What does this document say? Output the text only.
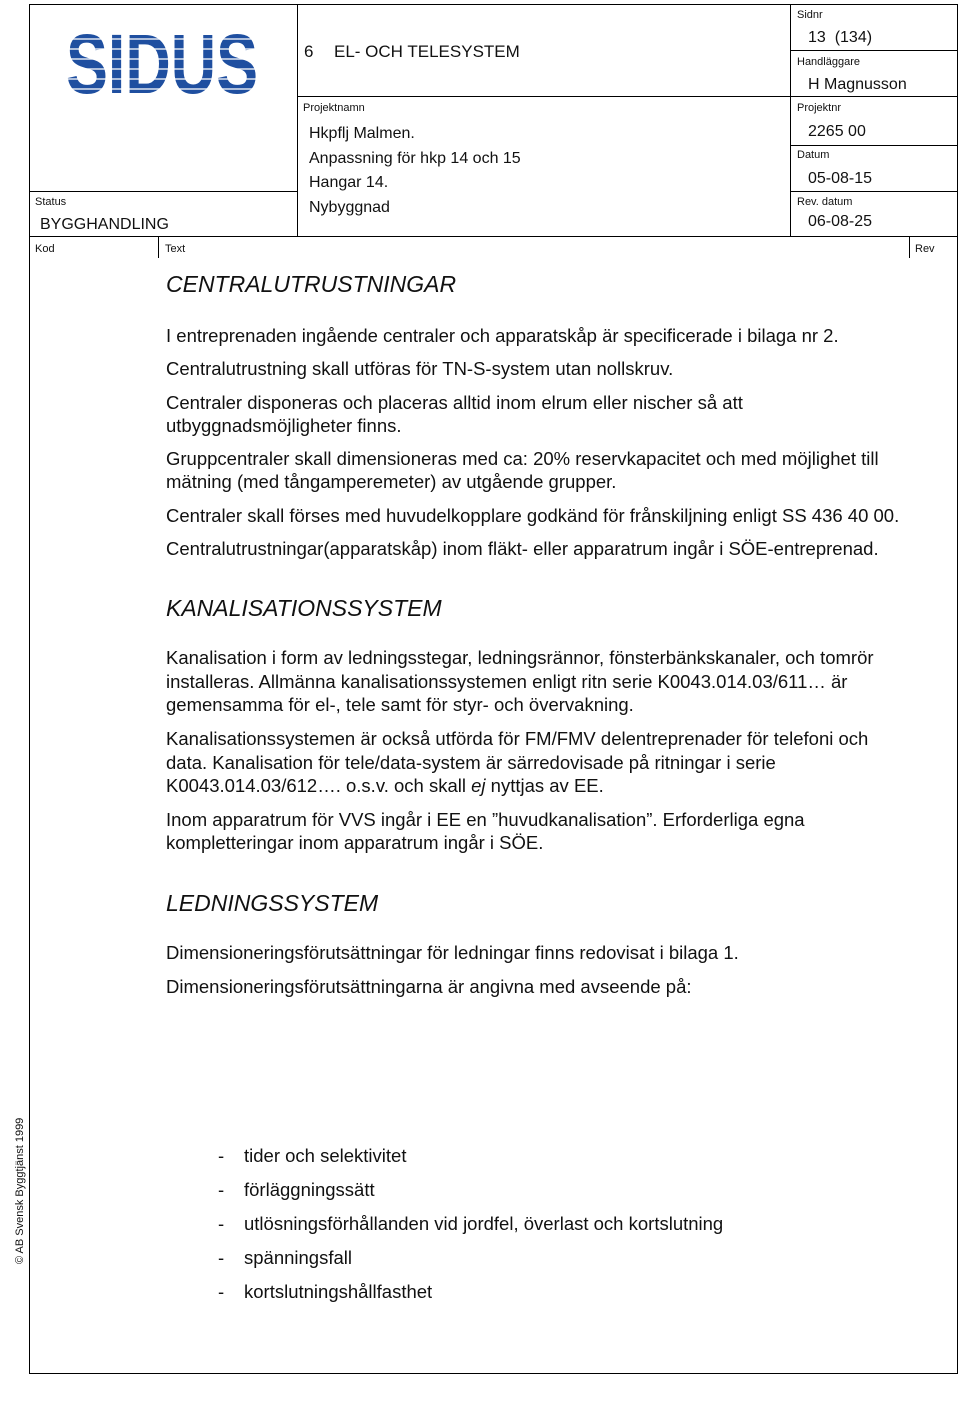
SIDUS	6 EL- OCH TELESYSTEM
Sidnr
13 (134)
Handläggare
H Magnusson
Projektnr
2265 00
Datum
05-08-15
Rev. datum
06-08-25
Projektnamn
Hkpflj Malmen.
Anpassning för hkp 14 och 15
Hangar 14.
Nybyggnad
Status
BYGGHANDLING
Kod	Text	Rev
CENTRALUTRUSTNINGAR

I entreprenaden ingående centraler och apparatskåp är specificerade i bilaga nr 2.

Centralutrustning skall utföras för TN-S-system utan nollskruv.

Centraler disponeras och placeras alltid inom elrum eller nischer så att utbyggnadsmöjligheter finns.

Gruppcentraler skall dimensioneras med ca: 20% reservkapacitet och med möjlighet till mätning (med tångamperemeter) av utgående grupper.

Centraler skall förses med huvudelkopplare godkänd för frånskiljning enligt SS 436 40 00.

Centralutrustningar(apparatskåp) inom fläkt- eller apparatrum ingår i SÖE-entreprenad.

KANALISATIONSSYSTEM

Kanalisation i form av ledningsstegar, ledningsrännor, fönsterbänkskanaler, och tomrör installeras. Allmänna kanalisationssystemen enligt ritn serie K0043.014.03/611… är gemensamma för el-, tele samt för styr- och övervakning.

Kanalisationssystemen är också utförda för FM/FMV delentreprenader för telefoni och data. Kanalisation för tele/data-system är särredovisade på ritningar i serie K0043.014.03/612…. o.s.v. och skall ej nyttjas av EE.

Inom apparatrum för VVS ingår i EE en ”huvudkanalisation”. Erforderliga egna kompletteringar inom apparatrum ingår i SÖE.

LEDNINGSSYSTEM

Dimensioneringsförutsättningar för ledningar finns redovisat i bilaga 1.

Dimensioneringsförutsättningarna är angivna med avseende på:

- tider och selektivitet
- förläggningssätt
- utlösningsförhållanden vid jordfel, överlast och kortslutning
- spänningsfall
- kortslutningshållfasthet
© AB Svensk Byggtjänst 1999
